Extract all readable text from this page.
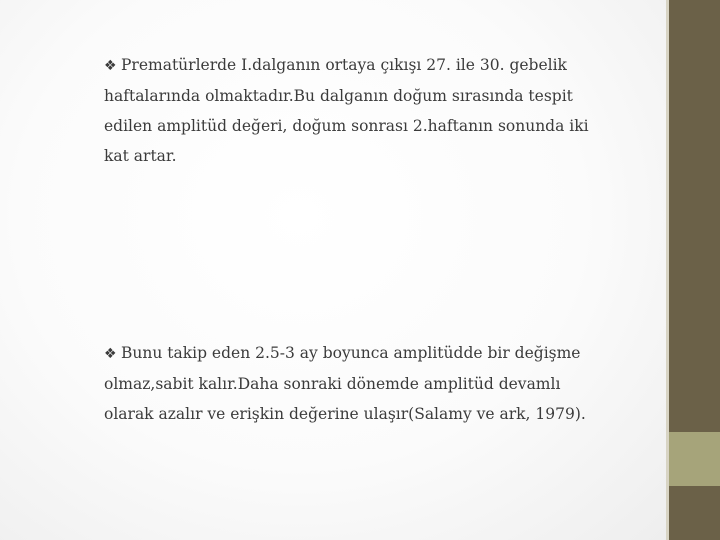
❖ Prematürlerde I.dalganın ortaya çıkışı 27. ile 30. gebelik haftalarında olmaktadır.Bu dalganın doğum sırasında tespit edilen amplitüd değeri, doğum sonrası 2.haftanın sonunda iki kat artar.

❖ Bunu takip eden 2.5-3 ay boyunca amplitüdde bir değişme olmaz,sabit kalır.Daha sonraki dönemde amplitüd devamlı olarak azalır ve erişkin değerine ulaşır(Salamy ve ark, 1979).
